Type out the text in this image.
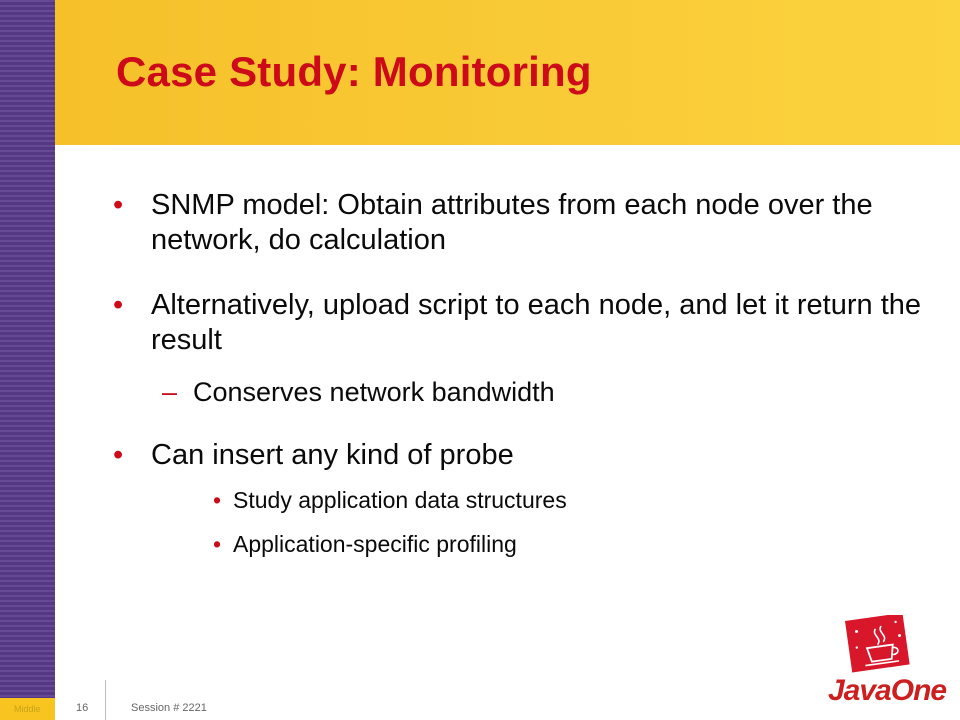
Case Study: Monitoring
• SNMP model: Obtain attributes from each node over the network, do calculation
• Alternatively, upload script to each node, and let it return the result
– Conserves network bandwidth
• Can insert any kind of probe
• Study application data structures
• Application-specific profiling
Middle	16	Session # 2221
JavaOne
